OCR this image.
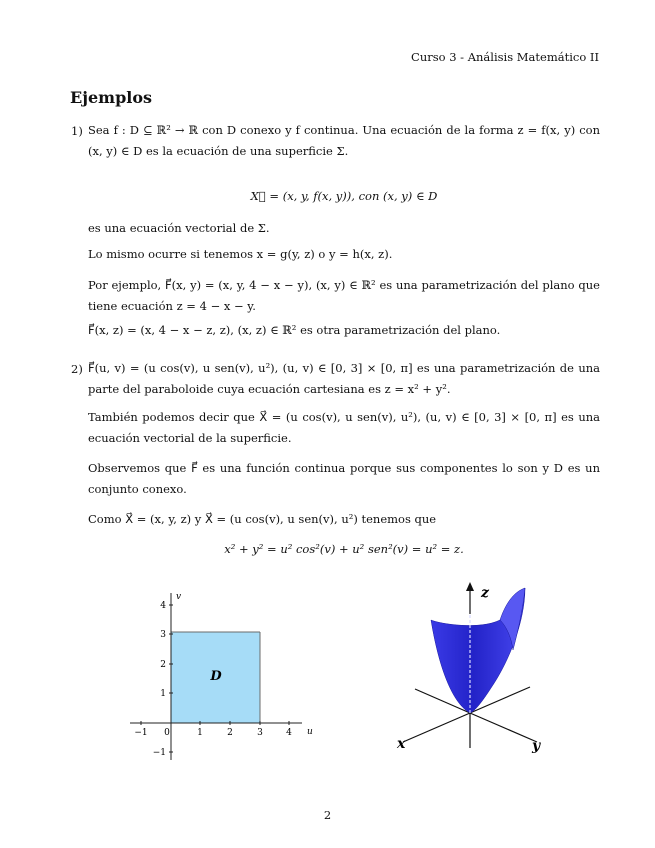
Curso 3 - Análisis Matemático II
Ejemplos
1) Sea f : D ⊆ ℝ² → ℝ con D conexo y f continua. Una ecuación de la forma z = f(x, y) con (x, y) ∈ D es la ecuación de una superficie Σ.
X⃗ = (x, y, f(x, y)), con (x, y) ∈ D
es una ecuación vectorial de Σ.
Lo mismo ocurre si tenemos x = g(y, z) o y = h(x, z).
Por ejemplo, F⃗(x, y) = (x, y, 4 − x − y), (x, y) ∈ ℝ² es una parametrización del plano que tiene ecuación z = 4 − x − y.
F⃗(x, z) = (x, 4 − x − z, z), (x, z) ∈ ℝ² es otra parametrización del plano.
2) F⃗(u, v) = (u cos(v), u sen(v), u²), (u, v) ∈ [0, 3] × [0, π] es una parametrización de una parte del paraboloide cuya ecuación cartesiana es z = x² + y².
También podemos decir que X⃗ = (u cos(v), u sen(v), u²), (u, v) ∈ [0, 3] × [0, π] es una ecuación vectorial de la superficie.
Observemos que F⃗ es una función continua porque sus componentes lo son y D es un conjunto conexo.
Como X⃗ = (x, y, z) y X⃗ = (u cos(v), u sen(v), u²) tenemos que
x² + y² = u² cos²(v) + u² sen²(v) = u² = z.
−1 0	1	2	3	4
4
3
2
1
−1
u
v
D
z
x	y
2
